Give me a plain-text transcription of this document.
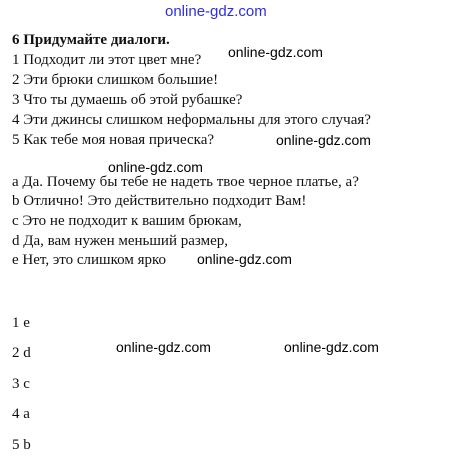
online-gdz.com
online-gdz.com
online-gdz.com
online-gdz.com
online-gdz.com
online-gdz.com	online-gdz.com
6 Придумайте диалоги.
1 Подходит ли этот цвет мне?
2 Эти брюки слишком большие!
3 Что ты думаешь об этой рубашке?
4 Эти джинсы слишком неформальны для этого случая?
5 Как тебе моя новая прическа?
a Да. Почему бы тебе не надеть твое черное платье, а?
b Отлично! Это действительно подходит Вам!
c Это не подходит к вашим брюкам,
d Да, вам нужен меньший размер,
e Нет, это слишком ярко
1 e
2 d
3 c
4 a
5 b
